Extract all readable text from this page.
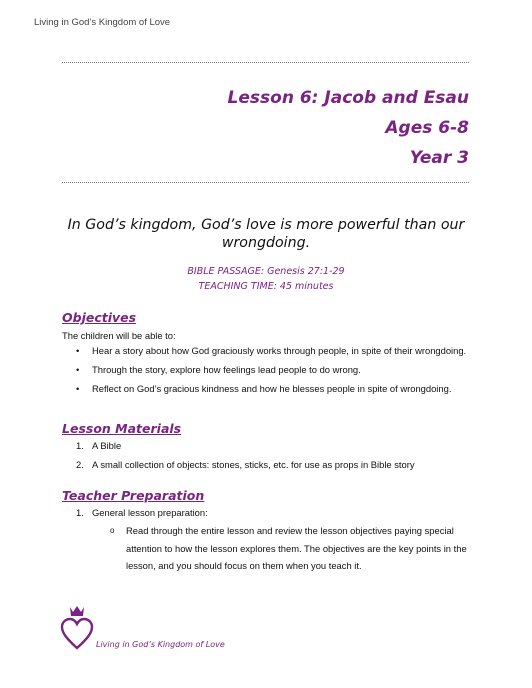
Living in God’s Kingdom of Love
Lesson 6: Jacob and Esau
Ages 6-8
Year 3
In God’s kingdom, God’s love is more powerful than our wrongdoing.
BIBLE PASSAGE: Genesis 27:1-29
TEACHING TIME: 45 minutes
Objectives
The children will be able to:
• Hear a story about how God graciously works through people, in spite of their wrongdoing.
• Through the story, explore how feelings lead people to do wrong.
• Reflect on God’s gracious kindness and how he blesses people in spite of wrongdoing.
Lesson Materials
1. A Bible
2. A small collection of objects: stones, sticks, etc. for use as props in Bible story
Teacher Preparation
1. General lesson preparation:
o Read through the entire lesson and review the lesson objectives paying special attention to how the lesson explores them. The objectives are the key points in the lesson, and you should focus on them when you teach it.
Living in God’s Kingdom of Love
